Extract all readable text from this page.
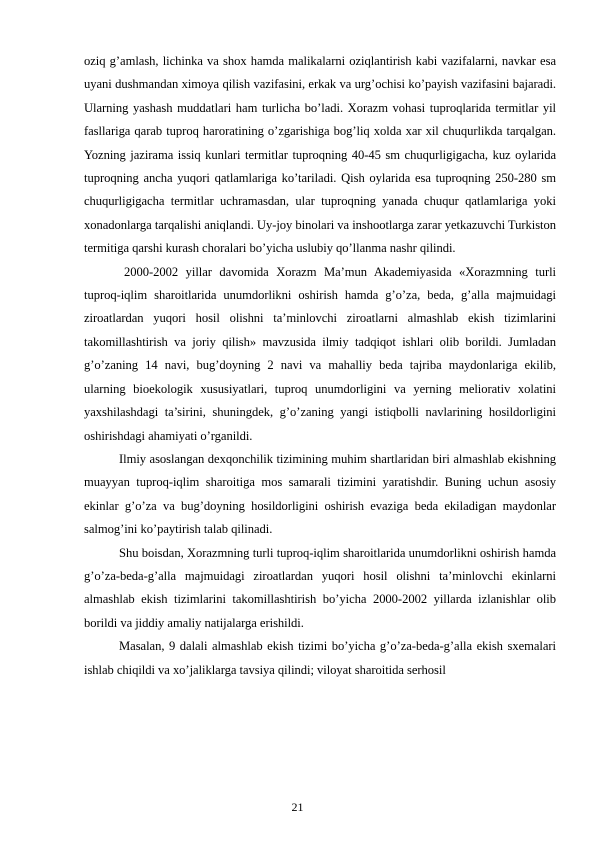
oziq g’amlash, lichinka va shox hamda malikalarni oziqlantirish kabi vazifalarni, navkar esa uyani dushmandan ximoya qilish vazifasini, erkak va urg’ochisi ko’payish vazifasini bajaradi. Ularning yashash muddatlari ham turlicha bo’ladi. Xorazm vohasi tuproqlarida termitlar yil fasllariga qarab tuproq haroratining o’zgarishiga bog’liq xolda xar xil chuqurlikda tarqalgan. Yozning jazirama issiq kunlari termitlar tuproqning 40-45 sm chuqurligigacha, kuz oylarida tuproqning ancha yuqori qatlamlariga ko’tariladi. Qish oylarida esa tuproqning 250-280 sm chuqurligigacha termitlar uchramasdan, ular tuproqning yanada chuqur qatlamlariga yoki xonadonlarga tarqalishi aniqlandi. Uy-joy binolari va inshootlarga zarar yetkazuvchi Turkiston termitiga qarshi kurash choralari bo’yicha uslubiy qo’llanma nashr qilindi.

2000-2002 yillar davomida Xorazm Ma’mun Akademiyasida «Xorazmning turli tuproq-iqlim sharoitlarida unumdorlikni oshirish hamda g’o’za, beda, g’alla majmuidagi ziroatlardan yuqori hosil olishni ta’minlovchi ziroatlarni almashlab ekish tizimlarini takomillashtirish va joriy qilish» mavzusida ilmiy tadqiqot ishlari olib borildi. Jumladan g’o’zaning 14 navi, bug’doyning 2 navi va mahalliy beda tajriba maydonlariga ekilib, ularning bioekologik xususiyatlari, tuproq unumdorligini va yerning meliorativ xolatini yaxshilashdagi ta’sirini, shuningdek, g’o’zaning yangi istiqbolli navlarining hosildorligini oshirishdagi ahamiyati o’rganildi.

Ilmiy asoslangan dexqonchilik tizimining muhim shartlaridan biri almashlab ekishning muayyan tuproq-iqlim sharoitiga mos samarali tizimini yaratishdir. Buning uchun asosiy ekinlar g’o’za va bug’doyning hosildorligini oshirish evaziga beda ekiladigan maydonlar salmog’ini ko’paytirish talab qilinadi.

Shu boisdan, Xorazmning turli tuproq-iqlim sharoitlarida unumdorlikni oshirish hamda g’o’za-beda-g’alla majmuidagi ziroatlardan yuqori hosil olishni ta’minlovchi ekinlarni almashlab ekish tizimlarini takomillashtirish bo’yicha 2000-2002 yillarda izlanishlar olib borildi va jiddiy amaliy natijalarga erishildi.

Masalan, 9 dalali almashlab ekish tizimi bo’yicha g’o’za-beda-g’alla ekish sxemalari ishlab chiqildi va xo’jaliklarga tavsiya qilindi; viloyat sharoitida serhosil

21
